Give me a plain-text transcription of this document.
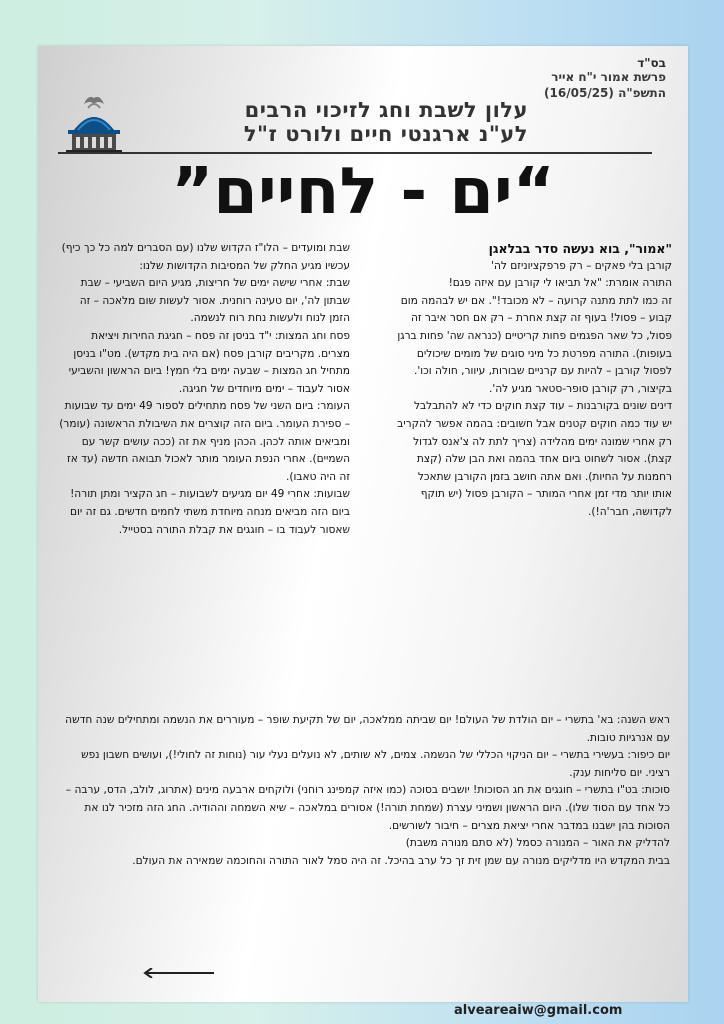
בס"ד
פרשת אמור י"ח אייר
התשפ"ה (16/05/25)
עלון לשבת וחג לזיכוי הרבים
לע"נ ארגנטי חיים ולורט ז"ל
“ים - לחיים”

"אמור", בוא נעשה סדר בבלאגן

קורבן בלי פאקים – רק פרפקציוניזם לה'

התורה אומרת: "אל תביאו לי קורבן עם איזה פגם!

זה כמו לתת מתנה קרועה – לא מכובד!". אם יש לבהמה מום קבוע – פסול! בעוף זה קצת אחרת – רק אם חסר איבר זה פסול, כל שאר הפגמים פחות קריטיים (כנראה שה' פחות ברגן בעופות). התורה מפרטת כל מיני סוגים של מומים שיכולים לפסול קורבן – להיות עם קרניים שבורות, עיוור, חולה וכו'. בקיצור, רק קורבן סופר-סטאר מגיע לה'.

דינים שונים בקורבנות – עוד קצת חוקים כדי לא להתבלבל

יש עוד כמה חוקים קטנים אבל חשובים: בהמה אפשר להקריב רק אחרי שמונה ימים מהלידה (צריך לתת לה צ'אנס לגדול קצת). אסור לשחוט ביום אחד בהמה ואת הבן שלה (קצת רחמנות על החיות). ואם אתה חושב בזמן הקורבן שתאכל אותו יותר מדי זמן אחרי המותר – הקורבן פסול (יש תוקף לקדושה, חבר'ה!).

שבת ומועדים – הלו"ז הקדוש שלנו (עם הסברים למה כל כך כיף)

עכשיו מגיע החלק של המסיבות הקדושות שלנו:

שבת: אחרי שישה ימים של חריצות, מגיע היום השביעי – שבת שבתון לה', יום טעינה רוחנית. אסור לעשות שום מלאכה – זה הזמן לנוח ולעשות נחת רוח לנשמה.

פסח וחג המצות: י"ד בניסן זה פסח – חגיגת החירות ויציאת מצרים. מקריבים קורבן פסח (אם היה בית מקדש). מט"ו בניסן מתחיל חג המצות – שבעה ימים בלי חמץ! ביום הראשון והשביעי אסור לעבוד – ימים מיוחדים של חגיגה.

העומר: ביום השני של פסח מתחילים לספור 49 ימים עד שבועות – ספירת העומר. ביום הזה קוצרים את השיבולת הראשונה (עומר) ומביאים אותה לכהן. הכהן מניף את זה (ככה עושים קשר עם השמיים). אחרי הנפת העומר מותר לאכול תבואה חדשה (עד אז זה היה טאבו).

שבועות: אחרי 49 יום מגיעים לשבועות – חג הקציר ומתן תורה! ביום הזה מביאים מנחה מיוחדת משתי לחמים חדשים. גם זה יום שאסור לעבוד בו – חוגגים את קבלת התורה בסטייל.

ראש השנה: בא' בתשרי – יום הולדת של העולם! יום שביתה ממלאכה, יום של תקיעת שופר – מעוררים את הנשמה ומתחילים שנה חדשה עם אנרגיות טובות.

יום כיפור: בעשירי בתשרי – יום הניקוי הכללי של הנשמה. צמים, לא שותים, לא נועלים נעלי עור (נוחות זה לחולי!), ועושים חשבון נפש רציני. יום סליחות ענק.

סוכות: בט"ו בתשרי – חוגגים את חג הסוכות! יושבים בסוכה (כמו איזה קמפינג רוחני) ולוקחים ארבעה מינים (אתרוג, לולב, הדס, ערבה – כל אחד עם הסוד שלו). היום הראשון ושמיני עצרת (שמחת תורה!) אסורים במלאכה – שיא השמחה וההודיה. החג הזה מזכיר לנו את הסוכות בהן ישבנו במדבר אחרי יציאת מצרים – חיבור לשורשים.

להדליק את האור – המנורה כסמל (לא סתם מנורה משבת)

בבית המקדש היו מדליקים מנורה עם שמן זית זך כל ערב בהיכל. זה היה סמל לאור התורה והחוכמה שמאירה את העולם.

alveareaiw@gmail.com
